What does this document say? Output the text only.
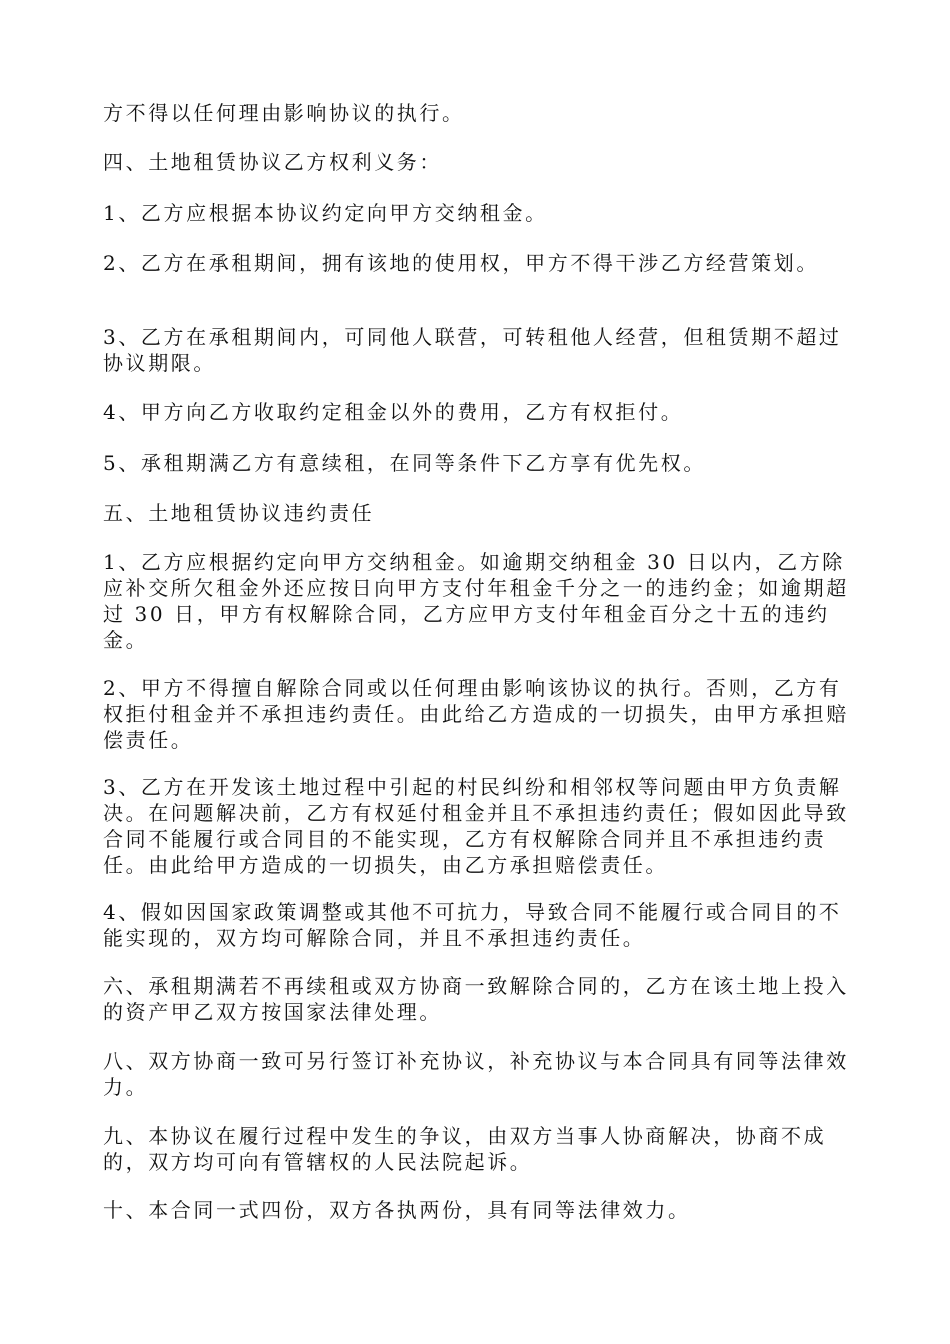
方不得以任何理由影响协议的执行。

四、土地租赁协议乙方权利义务：

1、乙方应根据本协议约定向甲方交纳租金。

2、乙方在承租期间，拥有该地的使用权，甲方不得干涉乙方经营策划。

3、乙方在承租期间内，可同他人联营，可转租他人经营，但租赁期不超过协议期限。

4、甲方向乙方收取约定租金以外的费用，乙方有权拒付。

5、承租期满乙方有意续租，在同等条件下乙方享有优先权。

五、土地租赁协议违约责任

1、乙方应根据约定向甲方交纳租金。如逾期交纳租金 30 日以内，乙方除应补交所欠租金外还应按日向甲方支付年租金千分之一的违约金；如逾期超过 30 日，甲方有权解除合同，乙方应甲方支付年租金百分之十五的违约金。

2、甲方不得擅自解除合同或以任何理由影响该协议的执行。否则，乙方有权拒付租金并不承担违约责任。由此给乙方造成的一切损失，由甲方承担赔偿责任。

3、乙方在开发该土地过程中引起的村民纠纷和相邻权等问题由甲方负责解决。在问题解决前，乙方有权延付租金并且不承担违约责任；假如因此导致合同不能履行或合同目的不能实现，乙方有权解除合同并且不承担违约责任。由此给甲方造成的一切损失，由乙方承担赔偿责任。

4、假如因国家政策调整或其他不可抗力，导致合同不能履行或合同目的不能实现的，双方均可解除合同，并且不承担违约责任。

六、承租期满若不再续租或双方协商一致解除合同的，乙方在该土地上投入的资产甲乙双方按国家法律处理。

八、双方协商一致可另行签订补充协议，补充协议与本合同具有同等法律效力。

九、本协议在履行过程中发生的争议，由双方当事人协商解决，协商不成的，双方均可向有管辖权的人民法院起诉。

十、本合同一式四份，双方各执两份，具有同等法律效力。
